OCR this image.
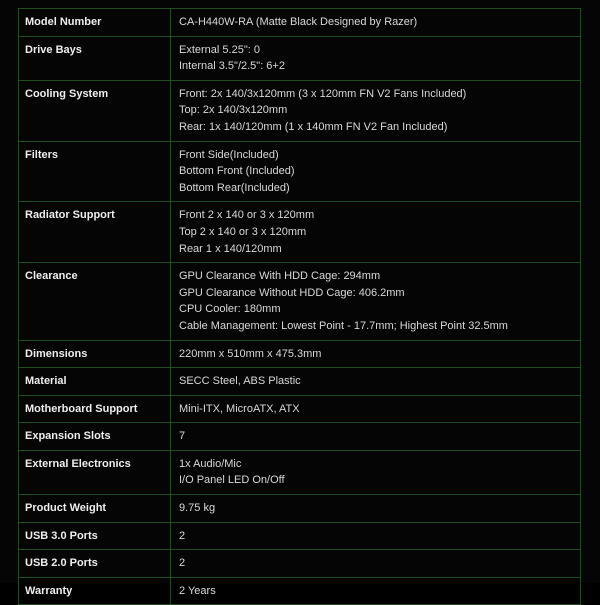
Model Number	CA-H440W-RA (Matte Black Designed by Razer)

Drive Bays	External 5.25": 0
Internal 3.5"/2.5": 6+2

Cooling System	Front: 2x 140/3x120mm (3 x 120mm FN V2 Fans Included)
Top: 2x 140/3x120mm
Rear: 1x 140/120mm (1 x 140mm FN V2 Fan Included)

Filters	Front Side(Included)
Bottom Front (Included)
Bottom Rear(Included)

Radiator Support	Front 2 x 140 or 3 x 120mm
Top 2 x 140 or 3 x 120mm
Rear 1 x 140/120mm

Clearance	GPU Clearance With HDD Cage: 294mm
GPU Clearance Without HDD Cage: 406.2mm
CPU Cooler: 180mm
Cable Management: Lowest Point - 17.7mm; Highest Point 32.5mm

Dimensions	220mm x 510mm x 475.3mm

Material	SECC Steel, ABS Plastic

Motherboard Support	Mini-ITX, MicroATX, ATX

Expansion Slots	7

External Electronics	1x Audio/Mic
I/O Panel LED On/Off

Product Weight	9.75 kg

USB 3.0 Ports	2

USB 2.0 Ports	2

Warranty	2 Years
